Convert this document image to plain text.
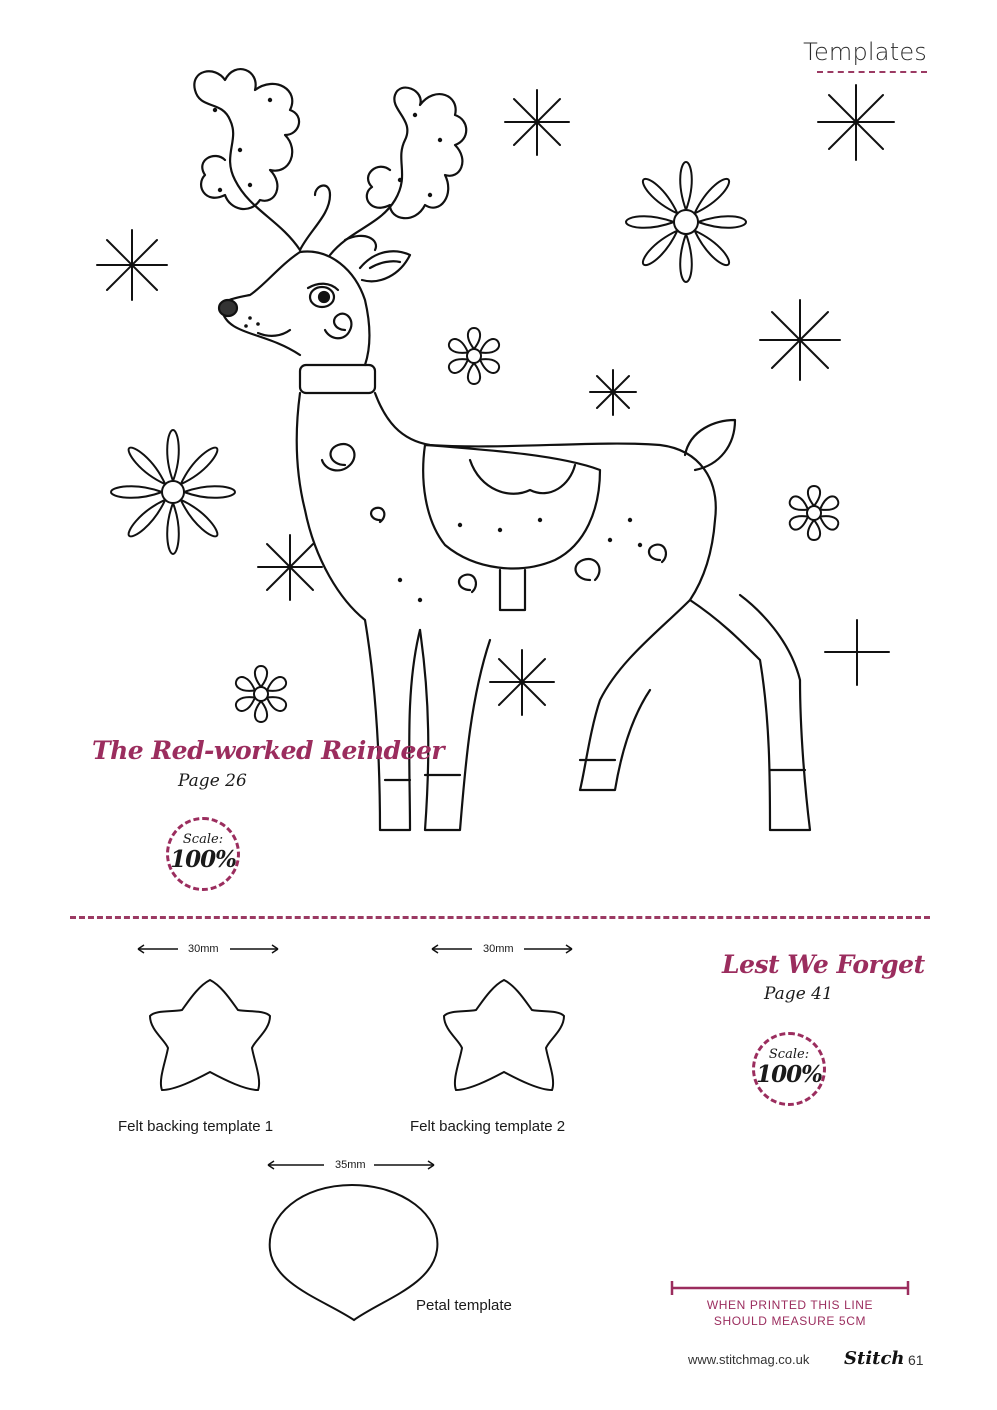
Templates
The Red-worked Reindeer
Page 26
Scale:
100%
30mm
Felt backing template 1
30mm
Felt backing template 2
35mm
Petal template
Lest We Forget
Page 41
Scale:
100%
WHEN PRINTED THIS LINE
SHOULD MEASURE 5CM
www.stitchmag.co.uk Stitch 61
